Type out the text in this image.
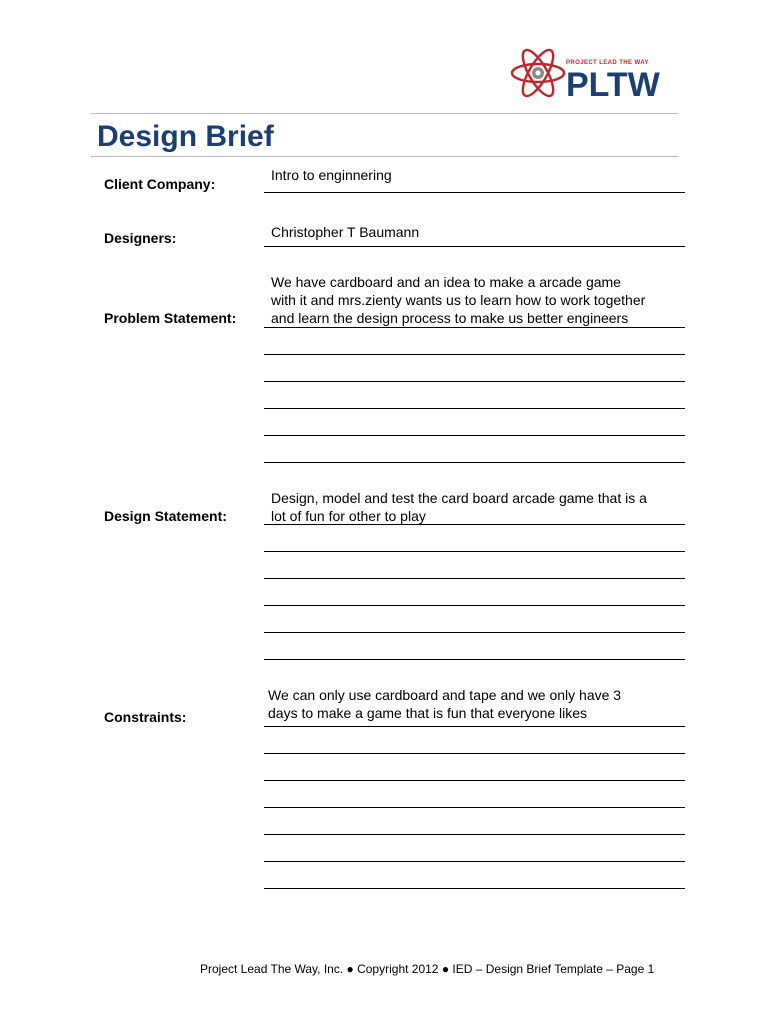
PROJECT LEAD THE WAY
PLTW
Design Brief
Client Company:
Intro to enginnering
Designers:	Christopher T Baumann
Problem Statement:
We have cardboard and an idea to make a arcade game
with it and mrs.zienty wants us to learn how to work together
and learn the design process to make us better engineers
Design Statement:
Design, model and test the card board arcade game that is a
lot of fun for other to play
Constraints:
We can only use cardboard and tape and we only have 3
days to make a game that is fun that everyone likes
Project Lead The Way, Inc. ● Copyright 2012 ● IED – Design Brief Template – Page 1
